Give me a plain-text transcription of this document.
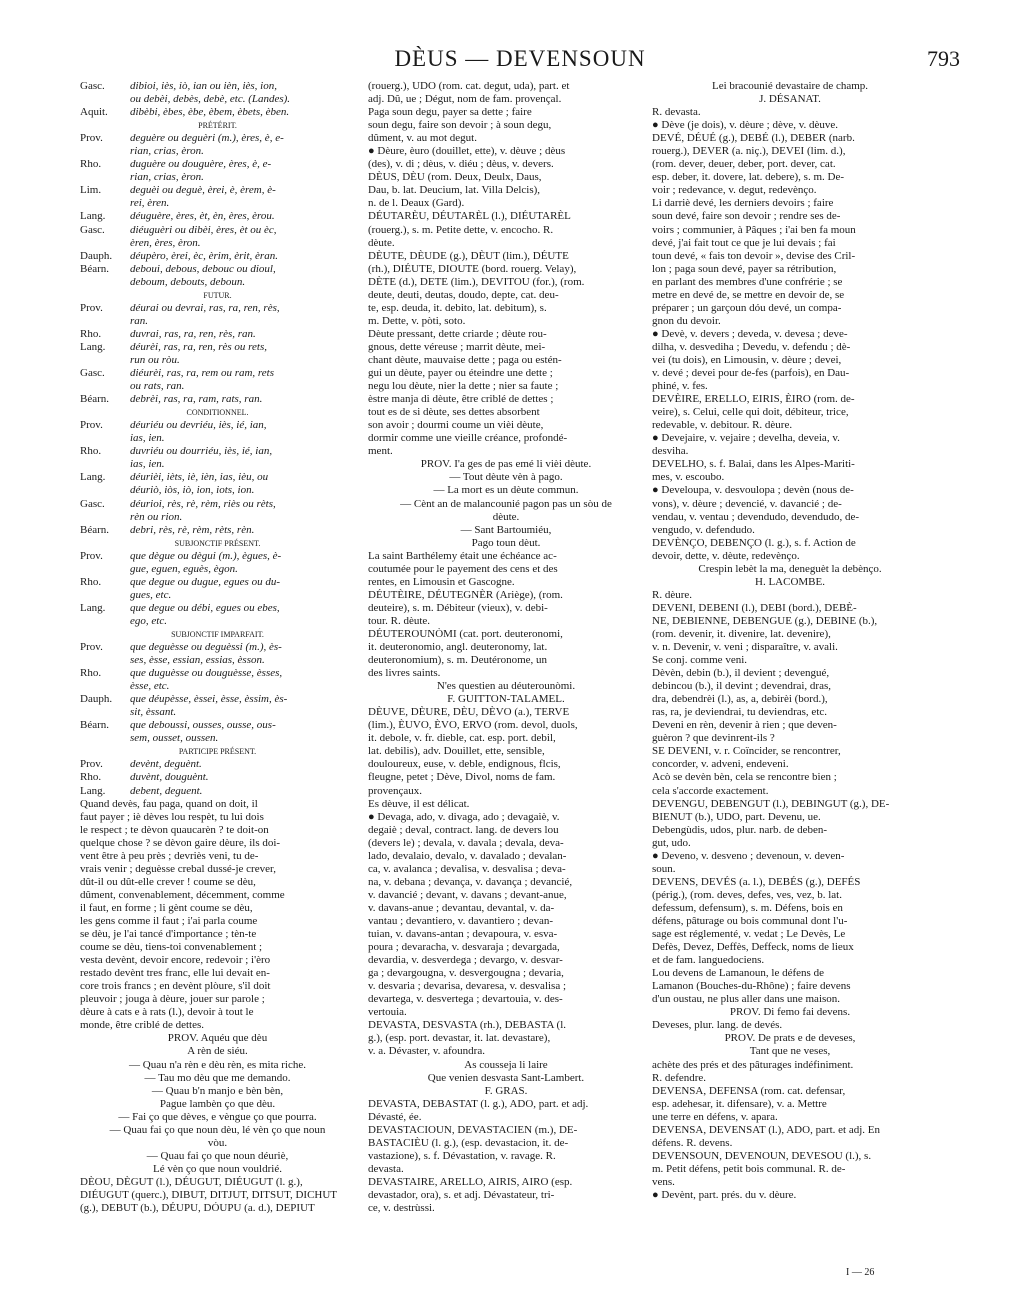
DÈUS — DEVENSOUN	793
Gasc.	dibioi, iès, iò, ian ou ièn, iès, ion,
ou debèi, debès, debè, etc. (Landes).
Aquit.	dibèbi, èbes, èbe, èbem, èbets, èben.
PRÉTÉRIT.
Prov.	deguère ou deguèri (m.), ères, è, e-
rian, crias, èron.
Rho.	duguère ou douguère, ères, è, e-
rian, crias, èron.
Lim.	deguèi ou deguè, èrei, è, èrem, è-
rei, èren.
Lang.	déuguère, ères, èt, èn, ères, èrou.
Gasc.	diéuguèri ou dibèi, ères, èt ou èc,
èren, ères, èron.
Dauph.	déupèro, èrei, èc, èrim, èrit, èran.
Béarn.	deboui, debous, debouc ou dioul,
deboum, debouts, deboun.
FUTUR.
Prov.	déurai ou devrai, ras, ra, ren, rès,
ran.
Rho.	duvrai, ras, ra, ren, rès, ran.
Lang.	déurèi, ras, ra, ren, rès ou rets,
run ou ròu.
Gasc.	diéurèi, ras, ra, rem ou ram, rets
ou rats, ran.
Béarn.	debrèi, ras, ra, ram, rats, ran.
CONDITIONNEL.
Prov.	déuriéu ou devriéu, iès, ié, ian,
ias, ien.
Rho.	duvriéu ou dourriéu, iès, ié, ian,
ias, ien.
Lang.	déurièi, ièts, iè, ièn, ias, ièu, ou
déuriò, iòs, iò, ion, iots, ion.
Gasc.	déurioi, rès, rè, rèm, riès ou rèts,
rèn ou rion.
Béarn.	debri, rès, rè, rèm, rèts, rèn.
SUBJONCTIF PRÉSENT.
Prov.	que dègue ou dègui (m.), ègues, è-
gue, eguen, eguès, ègon.
Rho.	que degue ou dugue, egues ou du-
gues, etc.
Lang.	que degue ou débi, egues ou ebes,
ego, etc.
SUBJONCTIF IMPARFAIT.
Prov.	que deguèsse ou deguèssi (m.), ès-
ses, èsse, essian, essias, èsson.
Rho.	que duguèsse ou douguèsse, èsses,
èsse, etc.
Dauph.	que déupèsse, èssei, èsse, èssim, ès-
sit, èssant.
Béarn.	que deboussi, ousses, ousse, ous-
sem, ousset, oussen.
PARTICIPE PRÉSENT.
Prov.	devènt, deguènt.
Rho.	duvènt, douguènt.
Lang.	debent, deguent.
Quand devès, fau paga, quand on doit, il
faut payer ; iè dèves lou respèt, tu lui dois
le respect ; te dèvon quaucarèn ? te doit-on
quelque chose ? se dèvon gaire dèure, ils doi-
vent être à peu près ; devriès veni, tu de-
vrais venir ; deguèsse crebal dussé-je crever,
dût-il ou dût-elle crever ! coume se dèu,
dûment, convenablement, décemment, comme
il faut, en forme ; li gènt coume se dèu,
les gens comme il faut ; i'ai parla coume
se dèu, je l'ai tancé d'importance ; tèn-te
coume se dèu, tiens-toi convenablement ;
vesta devènt, devoir encore, redevoir ; i'èro
restado devènt tres franc, elle lui devait en-
core trois francs ; en devènt plòure, s'il doit
pleuvoir ; jouga à dèure, jouer sur parole ;
dèure à cats e à rats (l.), devoir à tout le
monde, être criblé de dettes.
PROV. Aquéu que dèu
A rèn de siéu.
— Quau n'a rèn e dèu rèn, es mita riche.
— Tau mo dèu que me demando.
— Quau b'n manjo e bèn bèn,
Pague lambèn ço que dèu.
— Fai ço que dèves, e vèngue ço que pourra.
— Quau fai ço que noun dèu, lé vèn ço que noun
vòu.
— Quau fai ço que noun déuriè,
Lé vèn ço que noun vouldrié.
DÈOU, DÈGUT (l.), DÉUGUT, DIÉUGUT (l. g.),
DIÉUGUT (querc.), DIBUT, DITJUT, DITSUT, DICHUT
(g.), DEBUT (b.), DÉUPU, DÓUPU (a. d.), DEPIUT
(rouerg.), UDO (rom. cat. degut, uda), part. et
adj. Dû, ue ; Dégut, nom de fam. provençal.
Paga soun degu, payer sa dette ; faire
soun degu, faire son devoir ; à soun degu,
dûment, v. au mot degut.
● Dèure, èuro (douillet, ette), v. dèuve ; dèus
(des), v. di ; dèus, v. diéu ; dèus, v. devers.
DÈUS, DÈU (rom. Deux, Deulx, Daus,
Dau, b. lat. Deucium, lat. Villa Delcis),
n. de l. Deaux (Gard).
DÉUTARÈU, DÉUTARÈL (l.), DIÉUTARÈL
(rouerg.), s. m. Petite dette, v. encocho. R.
dèute.
DÈUTE, DÈUDE (g.), DÈUT (lim.), DÉUTE
(rh.), DIÉUTE, DIOUTE (bord. rouerg. Velay),
DÈTE (d.), DETE (lim.), DEVITOU (for.), (rom.
deute, deuti, deutas, doudo, depte, cat. deu-
te, esp. deuda, it. debito, lat. debitum), s.
m. Dette, v. pòti, soto.
Dèute pressant, dette criarde ; dèute rou-
gnous, dette véreuse ; marrit dèute, mei-
chant dèute, mauvaise dette ; paga ou estén-
gui un dèute, payer ou éteindre une dette ;
negu lou dèute, nier la dette ; nier sa faute ;
èstre manja di dèute, être criblé de dettes ;
tout es de si dèute, ses dettes absorbent
son avoir ; dourmi coume un vièi dèute,
dormir comme une vieille créance, profondé-
ment.
PROV. I'a ges de pas emé li vièi dèute.
— Tout dèute vèn à pago.
— La mort es un dèute commun.
— Cènt an de malancounié pagon pas un sòu de
dèute.
— Sant Bartoumiéu,
Pago toun dèut.
La saint Barthélemy était une échéance ac-
coutumée pour le payement des cens et des
rentes, en Limousin et Gascogne.
DÉUTÈIRE, DÉUTEGNÈR (Ariège), (rom.
deuteire), s. m. Débiteur (vieux), v. debi-
tour. R. dèute.
DÉUTEROUNÒMI (cat. port. deuteronomi,
it. deuteronomio, angl. deuteronomy, lat.
deuteronomium), s. m. Deutéronome, un
des livres saints.
N'es questien au déuterounòmi.
F. GUITTON-TALAMEL.
DÈUVE, DÈURE, DÈU, DÈVO (a.), TERVE
(lim.), ÈUVO, ÈVO, ERVO (rom. devol, duols,
it. debole, v. fr. dieble, cat. esp. port. debil,
lat. debilis), adv. Douillet, ette, sensible,
douloureux, euse, v. deble, endignous, flcis,
fleugne, petet ; Dève, Divol, noms de fam.
provençaux.
Es dèuve, il est délicat.
● Devaga, ado, v. divaga, ado ; devagaiè, v.
degaiè ; deval, contract. lang. de devers lou
(devers le) ; devala, v. davala ; devala, deva-
lado, devalaio, devalo, v. davalado ; devalan-
ca, v. avalanca ; devalisa, v. desvalisa ; deva-
na, v. debana ; devança, v. davança ; devancié,
v. davancié ; devant, v. davans ; devant-anue,
v. davans-anue ; devantau, devantal, v. da-
vantau ; devantiero, v. davantiero ; devan-
tuian, v. davans-antan ; devapoura, v. esva-
poura ; devaracha, v. desvaraja ; devargada,
devardia, v. desverdega ; devargo, v. desvar-
ga ; devargougna, v. desvergougna ; devaria,
v. desvaria ; devarisa, devaresa, v. desvalisa ;
devartega, v. desvertega ; devartouia, v. des-
vertouia.
DEVASTA, DESVASTA (rh.), DEBASTA (l.
g.), (esp. port. devastar, it. lat. devastare),
v. a. Dévaster, v. afoundra.
As cousseja li laire
Que venien desvasta Sant-Lambert.
F. GRAS.
DEVASTA, DEBASTAT (l. g.), ADO, part. et adj.
Dévasté, ée.
DEVASTACIOUN, DEVASTACIEN (m.), DE-
BASTACIÈU (l. g.), (esp. devastacion, it. de-
vastazione), s. f. Dévastation, v. ravage. R.
devasta.
DEVASTAIRE, ARELLO, AIRIS, AIRO (esp.
devastador, ora), s. et adj. Dévastateur, tri-
ce, v. destrùssi.
Lei bracounié devastaire de champ.
J. DÉSANAT.
R. devasta.
● Dève (je dois), v. dèure ; dève, v. dèuve.
DEVÉ, DÉUÉ (g.), DEBÉ (l.), DEBER (narb.
rouerg.), DEVER (a. niç.), DEVEI (lim. d.),
(rom. dever, deuer, deber, port. dever, cat.
esp. deber, it. dovere, lat. debere), s. m. De-
voir ; redevance, v. degut, redevènço.
Li darriè devé, les derniers devoirs ; faire
soun devé, faire son devoir ; rendre ses de-
voirs ; communier, à Pâques ; i'ai ben fa moun
devé, j'ai fait tout ce que je lui devais ; fai
toun devé, « fais ton devoir », devise des Cril-
lon ; paga soun devé, payer sa rétribution,
en parlant des membres d'une confrérie ; se
metre en devé de, se mettre en devoir de, se
préparer ; un garçoun dóu devé, un compa-
gnon du devoir.
● Devè, v. devers ; deveda, v. devesa ; deve-
dilha, v. desvediha ; Devedu, v. defendu ; dè-
vei (tu dois), en Limousin, v. dèure ; devei,
v. devé ; devei pour de-fes (parfois), en Dau-
phiné, v. fes.
DEVÈIRE, ERELLO, EIRIS, ÈIRO (rom. de-
veire), s. Celui, celle qui doit, débiteur, trice,
redevable, v. debitour. R. dèure.
● Devejaire, v. vejaire ; develha, deveia, v.
desviha.
DEVELHO, s. f. Balai, dans les Alpes-Mariti-
mes, v. escoubo.
● Develoupa, v. desvoulopa ; devèn (nous de-
vons), v. dèure ; devencié, v. davancié ; de-
vendau, v. ventau ; devendudo, devendudo, de-
vengudo, v. defendudo.
DEVÈNÇO, DEBENÇO (l. g.), s. f. Action de
devoir, dette, v. dèute, redevènço.
Crespin lebèt la ma, deneguèt la debènço.
H. LACOMBE.
R. dèure.
DEVENI, DEBENI (l.), DEBI (bord.), DEBÈ-
NE, DEBIENNE, DEBENGUE (g.), DEBINE (b.),
(rom. devenir, it. divenire, lat. devenire),
v. n. Devenir, v. veni ; disparaître, v. avali.
Se conj. comme veni.
Dèvèn, debin (b.), il devient ; devengué,
debincou (b.), il devint ; devendrai, dras,
dra, debendrèi (l.), as, a, debirèi (bord.),
ras, ra, je deviendrai, tu deviendras, etc.
Deveni en rèn, devenir à rien ; que deven-
guèron ? que devinrent-ils ?
SE DEVENI, v. r. Coïncider, se rencontrer,
concorder, v. adveni, endeveni.
Acò se devèn bèn, cela se rencontre bien ;
cela s'accorde exactement.
DEVENGU, DEBENGUT (l.), DEBINGUT (g.), DE-
BIENUT (b.), UDO, part. Devenu, ue.
Debengùdis, udos, plur. narb. de deben-
gut, udo.
● Deveno, v. desveno ; devenoun, v. deven-
soun.
DEVENS, DEVÉS (a. l.), DEBÉS (g.), DEFÉS
(périg.), (rom. deves, defes, ves, vez, b. lat.
defessum, defensum), s. m. Défens, bois en
défens, pâturage ou bois communal dont l'u-
sage est réglementé, v. vedat ; Le Devès, Le
Defès, Devez, Deffès, Deffeck, noms de lieux
et de fam. languedociens.
Lou devens de Lamanoun, le défens de
Lamanon (Bouches-du-Rhône) ; faire devens
d'un oustau, ne plus aller dans une maison.
PROV. Di femo fai devens.
Deveses, plur. lang. de devés.
PROV. De prats e de deveses,
Tant que ne veses,
achète des prés et des pâturages indéfiniment.
R. defendre.
DEVENSA, DEFENSA (rom. cat. defensar,
esp. adehesar, it. difensare), v. a. Mettre
une terre en défens, v. apara.
DEVENSA, DEVENSAT (l.), ADO, part. et adj. En
défens. R. devens.
DEVENSOUN, DEVENOUN, DEVESOU (l.), s.
m. Petit défens, petit bois communal. R. de-
vens.
● Devènt, part. prés. du v. dèure.
I — 26
